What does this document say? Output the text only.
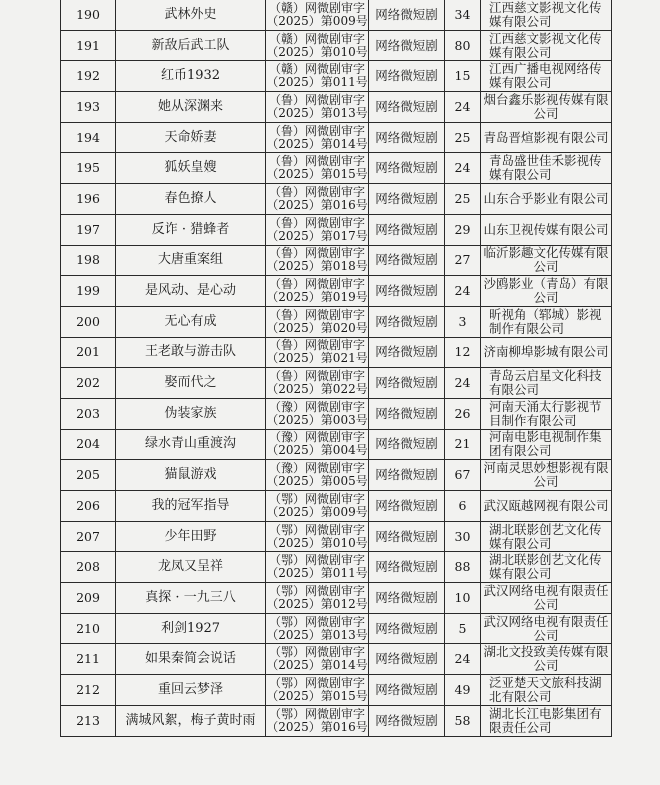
190	武林外史	（赣）网微剧审字
（2025）第009号	网络微短剧	34	江西慈文影视文化传媒有限公司
191	新敌后武工队	（赣）网微剧审字
（2025）第010号	网络微短剧	80	江西慈文影视文化传媒有限公司
192	红币1932	（赣）网微剧审字
（2025）第011号	网络微短剧	15	江西广播电视网络传媒有限公司
193	她从深渊来	（鲁）网微剧审字
（2025）第013号	网络微短剧	24	烟台鑫乐影视传媒有限公司
194	天命娇妻	（鲁）网微剧审字
（2025）第014号	网络微短剧	25	青岛晋煊影视有限公司
195	狐妖皇嫂	（鲁）网微剧审字
（2025）第015号	网络微短剧	24	青岛盛世佳禾影视传媒有限公司
196	春色撩人	（鲁）网微剧审字
（2025）第016号	网络微短剧	25	山东合乎影业有限公司
197	反诈 · 猎蜂者	（鲁）网微剧审字
（2025）第017号	网络微短剧	29	山东卫视传媒有限公司
198	大唐重案组	（鲁）网微剧审字
（2025）第018号	网络微短剧	27	临沂影趣文化传媒有限公司
199	是风动、是心动	（鲁）网微剧审字
（2025）第019号	网络微短剧	24	沙鸥影业（青岛）有限公司
200	无心有成	（鲁）网微剧审字
（2025）第020号	网络微短剧	3	昕视角（郓城）影视制作有限公司
201	王老敢与游击队	（鲁）网微剧审字
（2025）第021号	网络微短剧	12	济南柳埠影城有限公司
202	娶而代之	（鲁）网微剧审字
（2025）第022号	网络微短剧	24	青岛云启星文化科技有限公司
203	伪装家族	（豫）网微剧审字
（2025）第003号	网络微短剧	26	河南天涌太行影视节目制作有限公司
204	绿水青山重渡沟	（豫）网微剧审字
（2025）第004号	网络微短剧	21	河南电影电视制作集团有限公司
205	猫鼠游戏	（豫）网微剧审字
（2025）第005号	网络微短剧	67	河南灵思妙想影视有限公司
206	我的冠军指导	（鄂）网微剧审字
（2025）第009号	网络微短剧	6	武汉瓯越网视有限公司
207	少年田野	（鄂）网微剧审字
（2025）第010号	网络微短剧	30	湖北联影创艺文化传媒有限公司
208	龙凤又呈祥	（鄂）网微剧审字
（2025）第011号	网络微短剧	88	湖北联影创艺文化传媒有限公司
209	真探 · 一九三八	（鄂）网微剧审字
（2025）第012号	网络微短剧	10	武汉网络电视有限责任公司
210	利剑1927	（鄂）网微剧审字
（2025）第013号	网络微短剧	5	武汉网络电视有限责任公司
211	如果秦简会说话	（鄂）网微剧审字
（2025）第014号	网络微短剧	24	湖北文投致美传媒有限公司
212	重回云梦泽	（鄂）网微剧审字
（2025）第015号	网络微短剧	49	泛亚楚天文旅科技湖北有限公司
213	满城风絮，梅子黄时雨	（鄂）网微剧审字
（2025）第016号	网络微短剧	58	湖北长江电影集团有限责任公司
